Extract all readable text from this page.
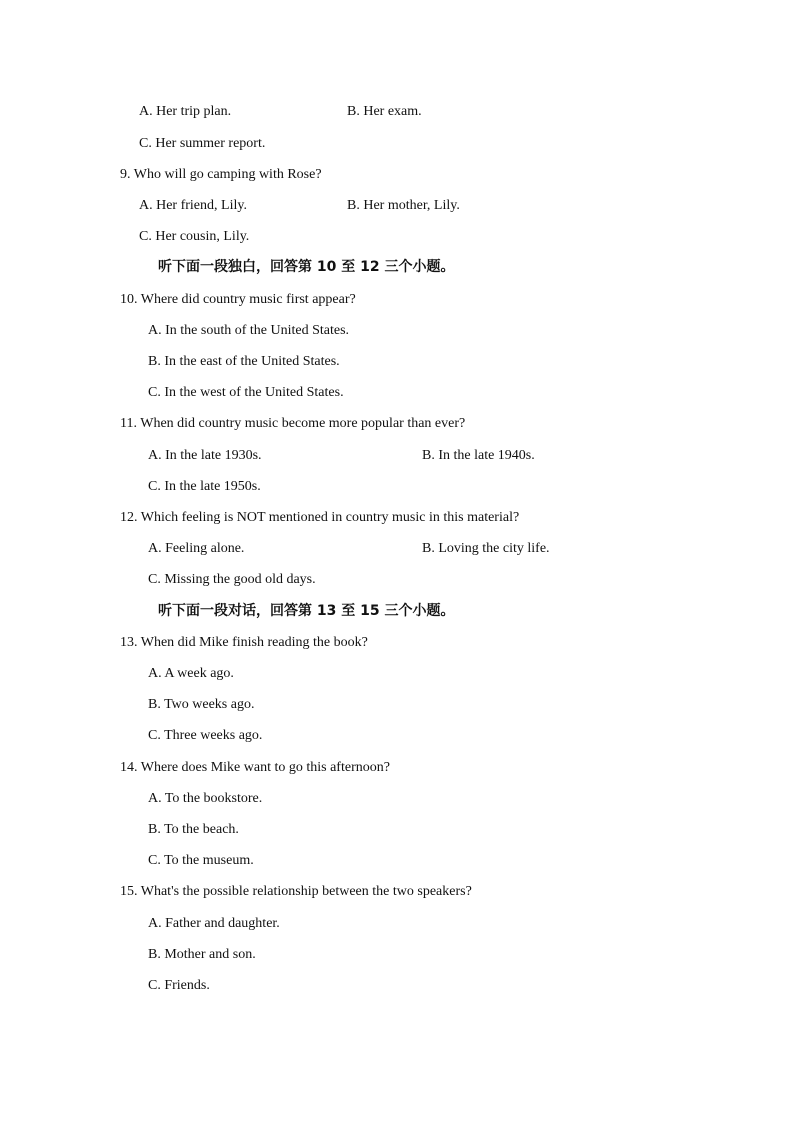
A. Her trip plan.	B. Her exam.
C. Her summer report.
9. Who will go camping with Rose?
A. Her friend, Lily.	B. Her mother, Lily.
C. Her cousin, Lily.
听下面一段独白，回答第 10 至 12 三个小题。
10. Where did country music first appear?
A. In the south of the United States.
B. In the east of the United States.
C. In the west of the United States.
11. When did country music become more popular than ever?
A. In the late 1930s.	B. In the late 1940s.
C. In the late 1950s.
12. Which feeling is NOT mentioned in country music in this material?
A. Feeling alone.	B. Loving the city life.
C. Missing the good old days.
听下面一段对话，回答第 13 至 15 三个小题。
13. When did Mike finish reading the book?
A. A week ago.
B. Two weeks ago.
C. Three weeks ago.
14. Where does Mike want to go this afternoon?
A. To the bookstore.
B. To the beach.
C. To the museum.
15. What's the possible relationship between the two speakers?
A. Father and daughter.
B. Mother and son.
C. Friends.
